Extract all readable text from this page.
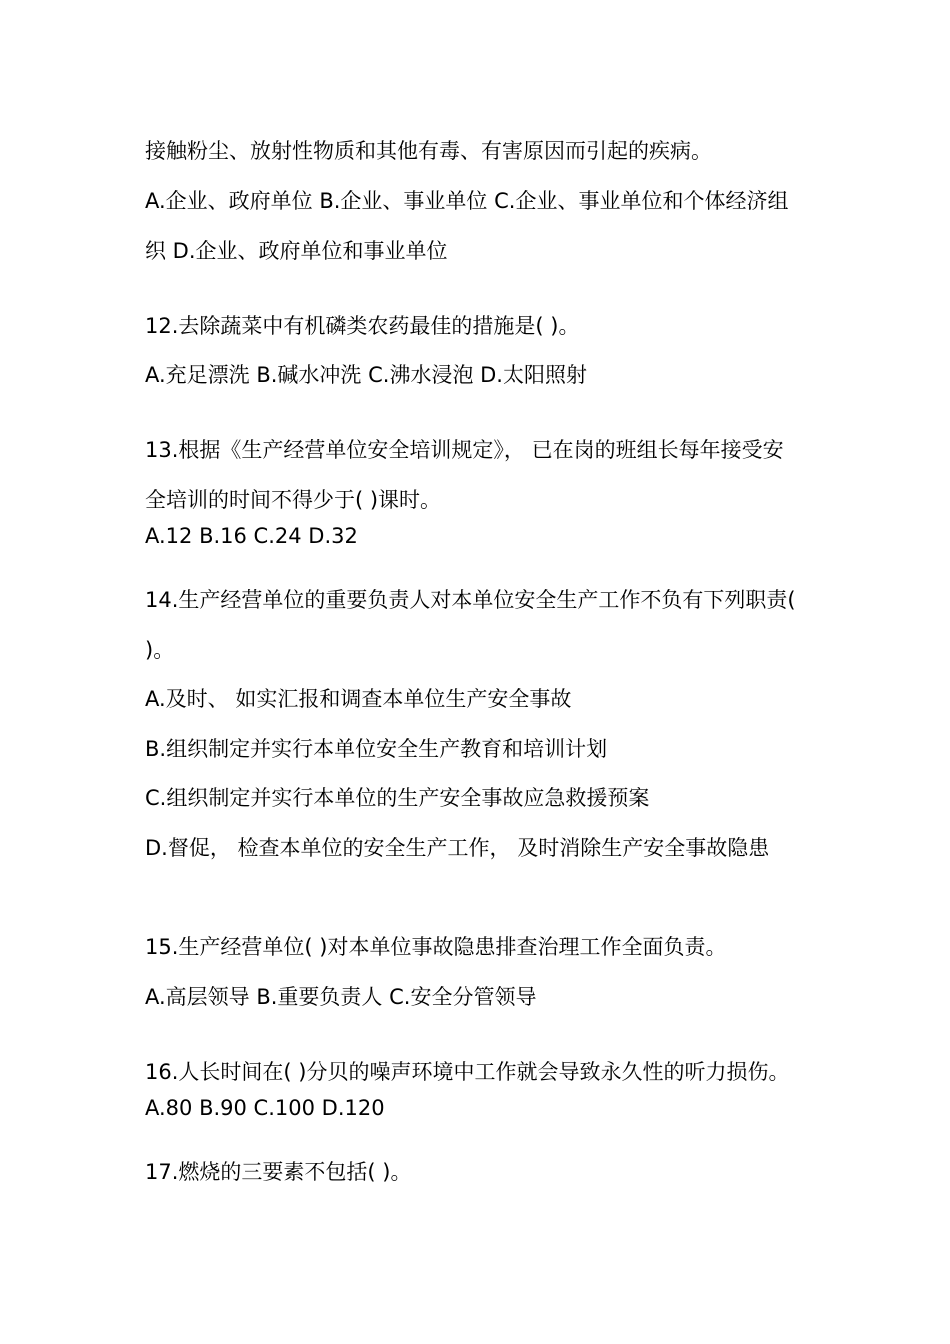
接触粉尘、放射性物质和其他有毒、有害原因而引起的疾病。
A.企业、政府单位 B.企业、事业单位 C.企业、事业单位和个体经济组
织 D.企业、政府单位和事业单位
12.去除蔬菜中有机磷类农药最佳的措施是( )。
A.充足漂洗 B.碱水冲洗 C.沸水浸泡 D.太阳照射
13.根据《生产经营单位安全培训规定》， 已在岗的班组长每年接受安
全培训的时间不得少于( )课时。
A.12 B.16 C.24 D.32
14.生产经营单位的重要负责人对本单位安全生产工作不负有下列职责(
)。
A.及时、 如实汇报和调查本单位生产安全事故
B.组织制定并实行本单位安全生产教育和培训计划
C.组织制定并实行本单位的生产安全事故应急救援预案
D.督促， 检查本单位的安全生产工作， 及时消除生产安全事故隐患
15.生产经营单位( )对本单位事故隐患排查治理工作全面负责。
A.高层领导 B.重要负责人 C.安全分管领导
16.人长时间在( )分贝的噪声环境中工作就会导致永久性的听力损伤。
A.80 B.90 C.100 D.120
17.燃烧的三要素不包括( )。
